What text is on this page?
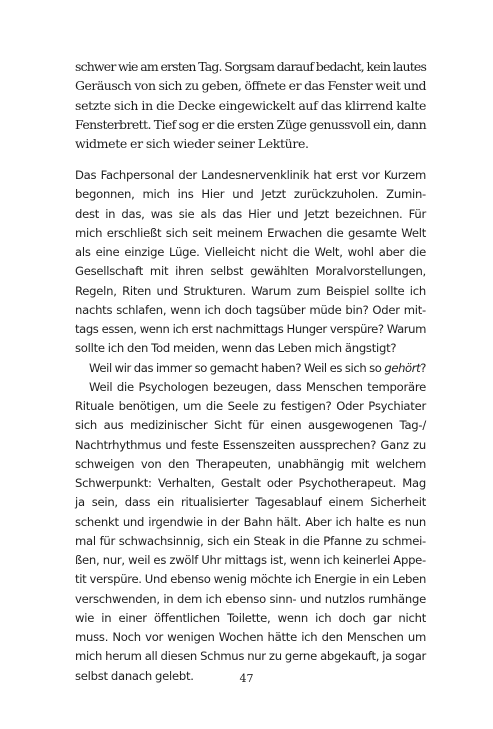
schwer wie am ersten Tag. Sorgsam darauf bedacht, kein lautes
Geräusch von sich zu geben, öffnete er das Fenster weit und
setzte sich in die Decke eingewickelt auf das klirrend kalte
Fensterbrett. Tief sog er die ersten Züge genussvoll ein, dann
widmete er sich wieder seiner Lektüre.
Das Fachpersonal der Landesnervenklinik hat erst vor Kurzem
begonnen, mich ins Hier und Jetzt zurückzuholen. Zumin-
dest in das, was sie als das Hier und Jetzt bezeichnen. Für
mich erschließt sich seit meinem Erwachen die gesamte Welt
als eine einzige Lüge. Vielleicht nicht die Welt, wohl aber die
Gesellschaft mit ihren selbst gewählten Moralvorstellungen,
Regeln, Riten und Strukturen. Warum zum Beispiel sollte ich
nachts schlafen, wenn ich doch tagsüber müde bin? Oder mit-
tags essen, wenn ich erst nachmittags Hunger verspüre? Warum
sollte ich den Tod meiden, wenn das Leben mich ängstigt?
Weil wir das immer so gemacht haben? Weil es sich so gehört?
Weil die Psychologen bezeugen, dass Menschen temporäre
Rituale benötigen, um die Seele zu festigen? Oder Psychiater
sich aus medizinischer Sicht für einen ausgewogenen Tag-/
Nachtrhythmus und feste Essenszeiten aussprechen? Ganz zu
schweigen von den Therapeuten, unabhängig mit welchem
Schwerpunkt: Verhalten, Gestalt oder Psychotherapeut. Mag
ja sein, dass ein ritualisierter Tagesablauf einem Sicherheit
schenkt und irgendwie in der Bahn hält. Aber ich halte es nun
mal für schwachsinnig, sich ein Steak in die Pfanne zu schmei-
ßen, nur, weil es zwölf Uhr mittags ist, wenn ich keinerlei Appe-
tit verspüre. Und ebenso wenig möchte ich Energie in ein Leben
verschwenden, in dem ich ebenso sinn- und nutzlos rumhänge
wie in einer öffentlichen Toilette, wenn ich doch gar nicht
muss. Noch vor wenigen Wochen hätte ich den Menschen um
mich herum all diesen Schmus nur zu gerne abgekauft, ja sogar
selbst danach gelebt.	47
